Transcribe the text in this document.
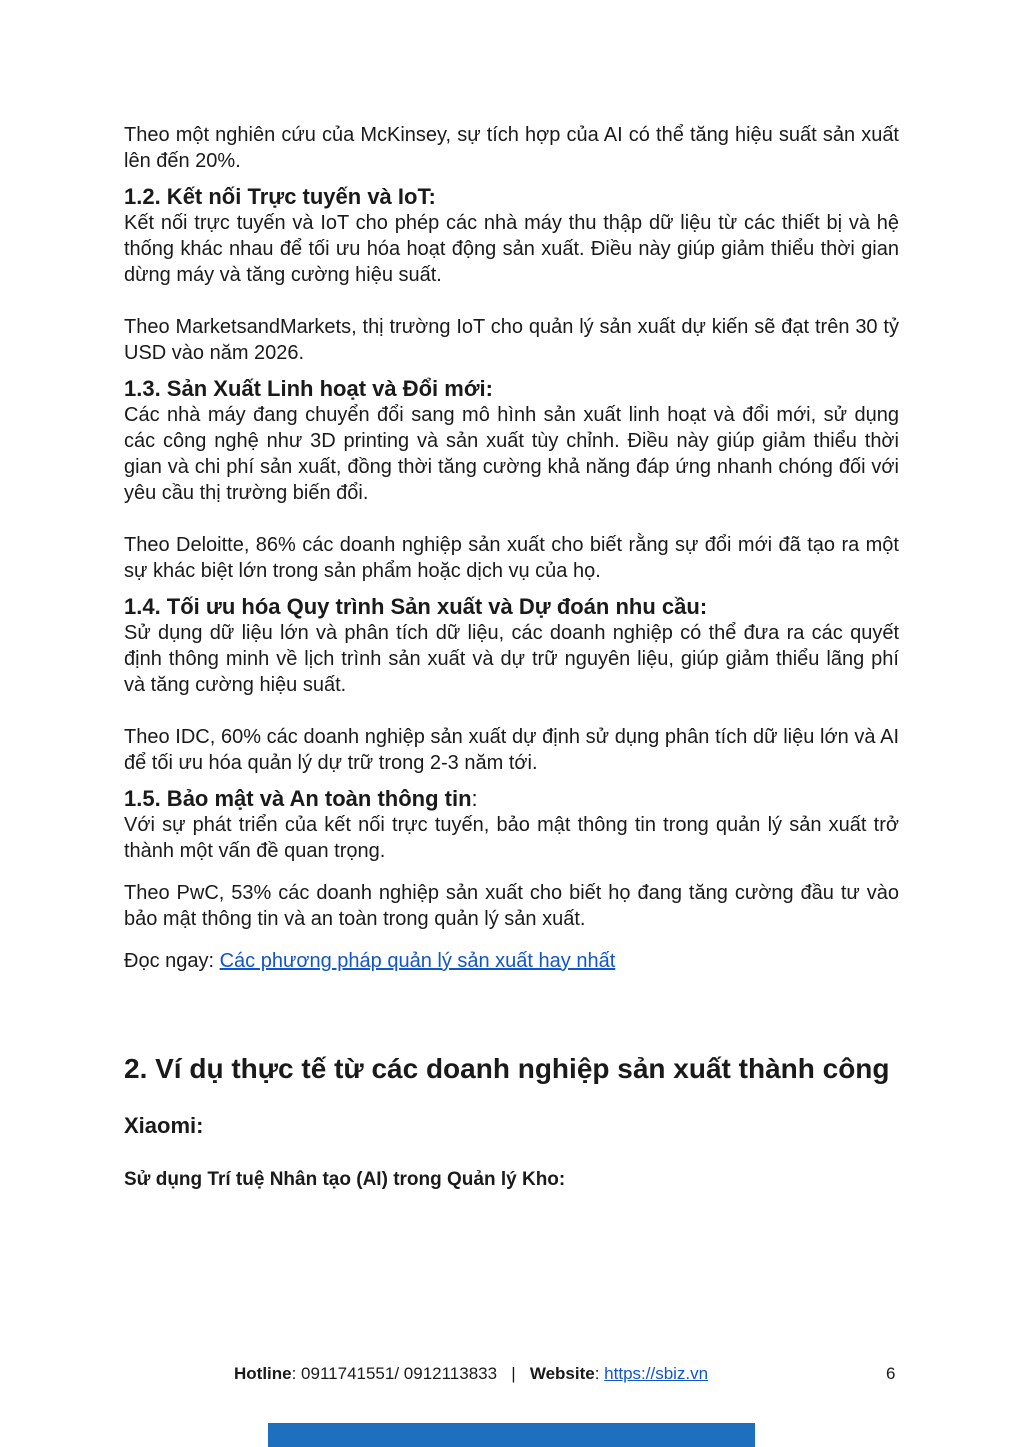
Theo một nghiên cứu của McKinsey, sự tích hợp của AI có thể tăng hiệu suất sản xuất lên đến 20%.

1.2. Kết nối Trực tuyến và IoT:

Kết nối trực tuyến và IoT cho phép các nhà máy thu thập dữ liệu từ các thiết bị và hệ thống khác nhau để tối ưu hóa hoạt động sản xuất. Điều này giúp giảm thiểu thời gian dừng máy và tăng cường hiệu suất.

Theo MarketsandMarkets, thị trường IoT cho quản lý sản xuất dự kiến sẽ đạt trên 30 tỷ USD vào năm 2026.

1.3. Sản Xuất Linh hoạt và Đổi mới:

Các nhà máy đang chuyển đổi sang mô hình sản xuất linh hoạt và đổi mới, sử dụng các công nghệ như 3D printing và sản xuất tùy chỉnh. Điều này giúp giảm thiểu thời gian và chi phí sản xuất, đồng thời tăng cường khả năng đáp ứng nhanh chóng đối với yêu cầu thị trường biến đổi.

Theo Deloitte, 86% các doanh nghiệp sản xuất cho biết rằng sự đổi mới đã tạo ra một sự khác biệt lớn trong sản phẩm hoặc dịch vụ của họ.

1.4. Tối ưu hóa Quy trình Sản xuất và Dự đoán nhu cầu:

Sử dụng dữ liệu lớn và phân tích dữ liệu, các doanh nghiệp có thể đưa ra các quyết định thông minh về lịch trình sản xuất và dự trữ nguyên liệu, giúp giảm thiểu lãng phí và tăng cường hiệu suất.

Theo IDC, 60% các doanh nghiệp sản xuất dự định sử dụng phân tích dữ liệu lớn và AI để tối ưu hóa quản lý dự trữ trong 2-3 năm tới.

1.5. Bảo mật và An toàn thông tin:

Với sự phát triển của kết nối trực tuyến, bảo mật thông tin trong quản lý sản xuất trở thành một vấn đề quan trọng.

Theo PwC, 53% các doanh nghiệp sản xuất cho biết họ đang tăng cường đầu tư vào bảo mật thông tin và an toàn trong quản lý sản xuất.

Đọc ngay: Các phương pháp quản lý sản xuất hay nhất

2. Ví dụ thực tế từ các doanh nghiệp sản xuất thành công
Xiaomi:
Sử dụng Trí tuệ Nhân tạo (AI) trong Quản lý Kho:
Hotline: 0911741551/ 0912113833 | Website: https://sbiz.vn	6
